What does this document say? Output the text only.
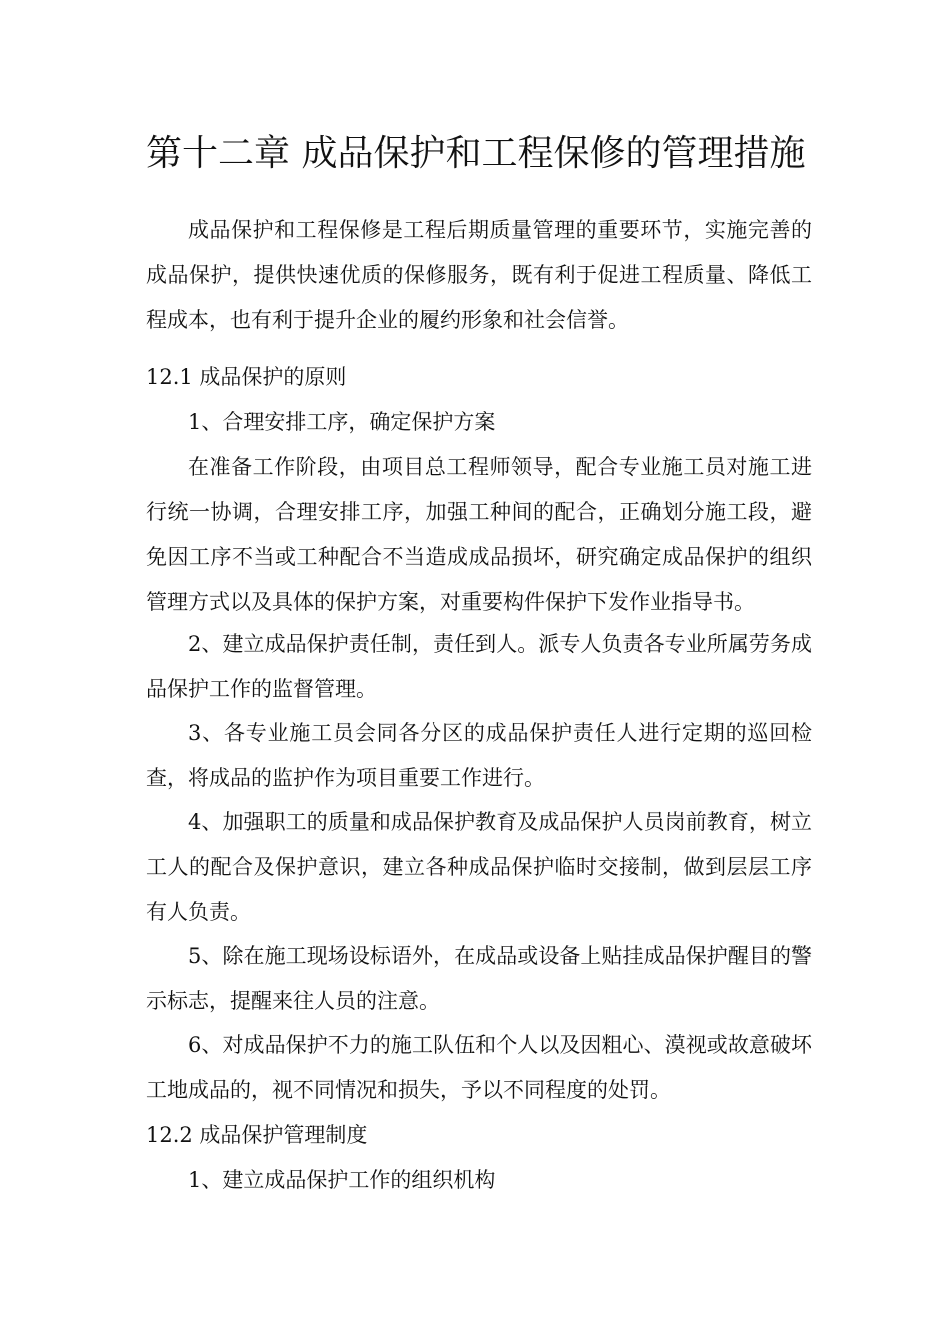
第十二章 成品保护和工程保修的管理措施
成品保护和工程保修是工程后期质量管理的重要环节，实施完善的成品保护，提供快速优质的保修服务，既有利于促进工程质量、降低工程成本，也有利于提升企业的履约形象和社会信誉。
12.1 成品保护的原则
1、合理安排工序，确定保护方案
在准备工作阶段，由项目总工程师领导，配合专业施工员对施工进行统一协调，合理安排工序，加强工种间的配合，正确划分施工段，避免因工序不当或工种配合不当造成成品损坏，研究确定成品保护的组织管理方式以及具体的保护方案，对重要构件保护下发作业指导书。
2、建立成品保护责任制，责任到人。派专人负责各专业所属劳务成品保护工作的监督管理。
3、各专业施工员会同各分区的成品保护责任人进行定期的巡回检查，将成品的监护作为项目重要工作进行。
4、加强职工的质量和成品保护教育及成品保护人员岗前教育，树立工人的配合及保护意识，建立各种成品保护临时交接制，做到层层工序有人负责。
5、除在施工现场设标语外，在成品或设备上贴挂成品保护醒目的警示标志，提醒来往人员的注意。
6、对成品保护不力的施工队伍和个人以及因粗心、漠视或故意破坏工地成品的，视不同情况和损失，予以不同程度的处罚。
12.2 成品保护管理制度
1、建立成品保护工作的组织机构
